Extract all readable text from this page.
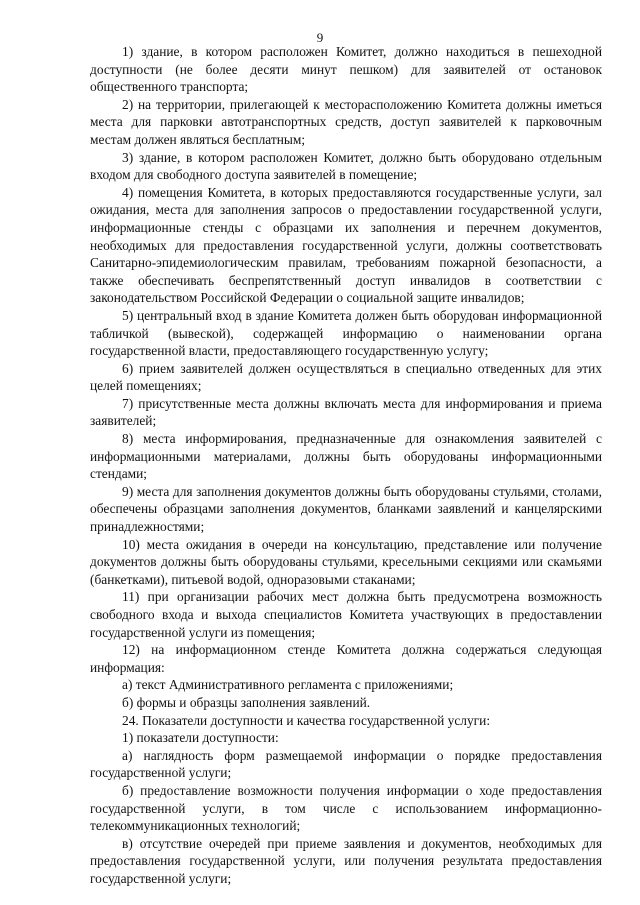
9

1) здание, в котором расположен Комитет, должно находиться в пешеходной доступности (не более десяти минут пешком) для заявителей от остановок общественного транспорта;

2) на территории, прилегающей к месторасположению Комитета должны иметься места для парковки автотранспортных средств, доступ заявителей к парковочным местам должен являться бесплатным;

3) здание, в котором расположен Комитет, должно быть оборудовано отдельным входом для свободного доступа заявителей в помещение;

4) помещения Комитета, в которых предоставляются государственные услуги, зал ожидания, места для заполнения запросов о предоставлении государственной услуги, информационные стенды с образцами их заполнения и перечнем документов, необходимых для предоставления государственной услуги, должны соответствовать Санитарно-эпидемиологическим правилам, требованиям пожарной безопасности, а также обеспечивать беспрепятственный доступ инвалидов в соответствии с законодательством Российской Федерации о социальной защите инвалидов;

5) центральный вход в здание Комитета должен быть оборудован информационной табличкой (вывеской), содержащей информацию о наименовании органа государственной власти, предоставляющего государственную услугу;

6) прием заявителей должен осуществляться в специально отведенных для этих целей помещениях;

7) присутственные места должны включать места для информирования и приема заявителей;

8) места информирования, предназначенные для ознакомления заявителей с информационными материалами, должны быть оборудованы информационными стендами;

9) места для заполнения документов должны быть оборудованы стульями, столами, обеспечены образцами заполнения документов, бланками заявлений и канцелярскими принадлежностями;

10) места ожидания в очереди на консультацию, представление или получение документов должны быть оборудованы стульями, кресельными секциями или скамьями (банкетками), питьевой водой, одноразовыми стаканами;

11) при организации рабочих мест должна быть предусмотрена возможность свободного входа и выхода специалистов Комитета участвующих в предоставлении государственной услуги из помещения;

12) на информационном стенде Комитета должна содержаться следующая информация:

а) текст Административного регламента с приложениями;

б) формы и образцы заполнения заявлений.

24. Показатели доступности и качества государственной услуги:

1) показатели доступности:

а) наглядность форм размещаемой информации о порядке предоставления государственной услуги;

б) предоставление возможности получения информации о ходе предоставления государственной услуги, в том числе с использованием информационно-телекоммуникационных технологий;

в) отсутствие очередей при приеме заявления и документов, необходимых для предоставления государственной услуги, или получения результата предоставления государственной услуги;
